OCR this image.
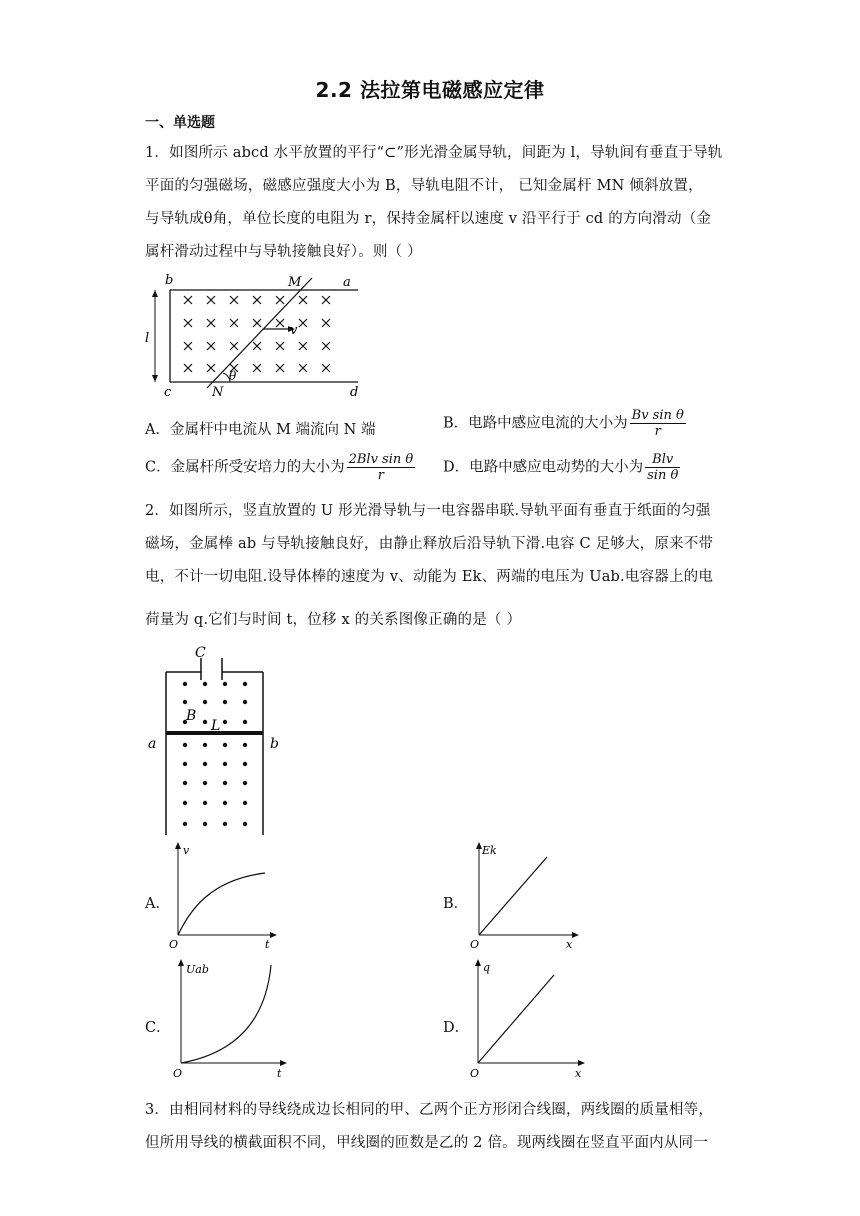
2.2 法拉第电磁感应定律
一、单选题
1．如图所示 abcd 水平放置的平行“⊂”形光滑金属导轨，间距为 l，导轨间有垂直于导轨
平面的匀强磁场，磁感应强度大小为 B，导轨电阻不计， 已知金属杆 MN 倾斜放置，
与导轨成θ角，单位长度的电阻为 r，保持金属杆以速度 v 沿平行于 cd 的方向滑动（金
属杆滑动过程中与导轨接触良好）。则（ ）
b	a
c	d
M
N
l
v
θ
A．金属杆中电流从 M 端流向 N 端	B．电路中感应电流的大小为 $\frac{\text{Bv sin θ}}{r}$
C．金属杆所受安培力的大小为 $\frac{\text{2Blv sin θ}}{r}$ D．电路中感应电动势的大小为 $\frac{\text{Blv}}{\text{sin θ}}$
2．如图所示，竖直放置的 U 形光滑导轨与一电容器串联.导轨平面有垂直于纸面的匀强
磁场，金属棒 ab 与导轨接触良好，由静止释放后沿导轨下滑.电容 C 足够大，原来不带
电，不计一切电阻.设导体棒的速度为 v、动能为 Ek、两端的电压为 Uab.电容器上的电
荷量为 q.它们与时间 t，位移 x 的关系图像正确的是（ ）
C
B
L
a	b
A．
O
v
t
B．
O
Ek
x
C．
O
Uab
t
D．
O
q
x
3．由相同材料的导线绕成边长相同的甲、乙两个正方形闭合线圈，两线圈的质量相等，
但所用导线的横截面积不同，甲线圈的匝数是乙的 2 倍。现两线圈在竖直平面内从同一
